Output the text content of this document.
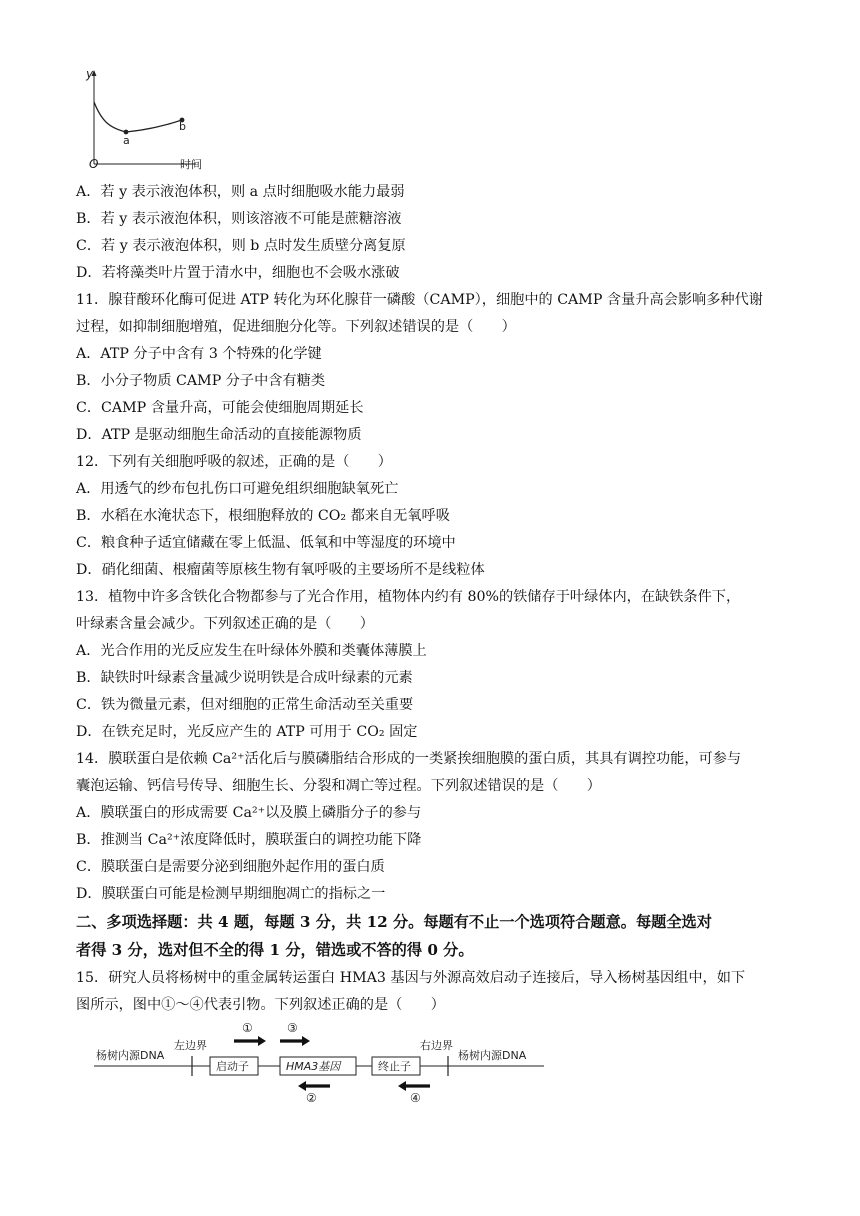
y
O	时间
a
b
A．若 y 表示液泡体积，则 a 点时细胞吸水能力最弱
B．若 y 表示液泡体积，则该溶液不可能是蔗糖溶液
C．若 y 表示液泡体积，则 b 点时发生质壁分离复原
D．若将藻类叶片置于清水中，细胞也不会吸水涨破
11．腺苷酸环化酶可促进 ATP 转化为环化腺苷一磷酸（CAMP），细胞中的 CAMP 含量升高会影响多种代谢
过程，如抑制细胞增殖，促进细胞分化等。下列叙述错误的是（　　）
A．ATP 分子中含有 3 个特殊的化学键
B．小分子物质 CAMP 分子中含有糖类
C．CAMP 含量升高，可能会使细胞周期延长
D．ATP 是驱动细胞生命活动的直接能源物质
12．下列有关细胞呼吸的叙述，正确的是（　　）
A．用透气的纱布包扎伤口可避免组织细胞缺氧死亡
B．水稻在水淹状态下，根细胞释放的 CO₂ 都来自无氧呼吸
C．粮食种子适宜储藏在零上低温、低氧和中等湿度的环境中
D．硝化细菌、根瘤菌等原核生物有氧呼吸的主要场所不是线粒体
13．植物中许多含铁化合物都参与了光合作用，植物体内约有 80%的铁储存于叶绿体内，在缺铁条件下，
叶绿素含量会减少。下列叙述正确的是（　　）
A．光合作用的光反应发生在叶绿体外膜和类囊体薄膜上
B．缺铁时叶绿素含量减少说明铁是合成叶绿素的元素
C．铁为微量元素，但对细胞的正常生命活动至关重要
D．在铁充足时，光反应产生的 ATP 可用于 CO₂ 固定
14．膜联蛋白是依赖 Ca²⁺活化后与膜磷脂结合形成的一类紧挨细胞膜的蛋白质，其具有调控功能，可参与
囊泡运输、钙信号传导、细胞生长、分裂和凋亡等过程。下列叙述错误的是（　　）
A．膜联蛋白的形成需要 Ca²⁺以及膜上磷脂分子的参与
B．推测当 Ca²⁺浓度降低时，膜联蛋白的调控功能下降
C．膜联蛋白是需要分泌到细胞外起作用的蛋白质
D．膜联蛋白可能是检测早期细胞凋亡的指标之一
二、多项选择题：共 4 题，每题 3 分，共 12 分。每题有不止一个选项符合题意。每题全选对
者得 3 分，选对但不全的得 1 分，错选或不答的得 0 分。
15．研究人员将杨树中的重金属转运蛋白 HMA3 基因与外源高效启动子连接后，导入杨树基因组中，如下
图所示，图中①～④代表引物。下列叙述正确的是（　　）
杨树内源DNA	杨树内源DNA
左边界	右边界
启动子	HMA3基因	终止子
①	③
②	④
